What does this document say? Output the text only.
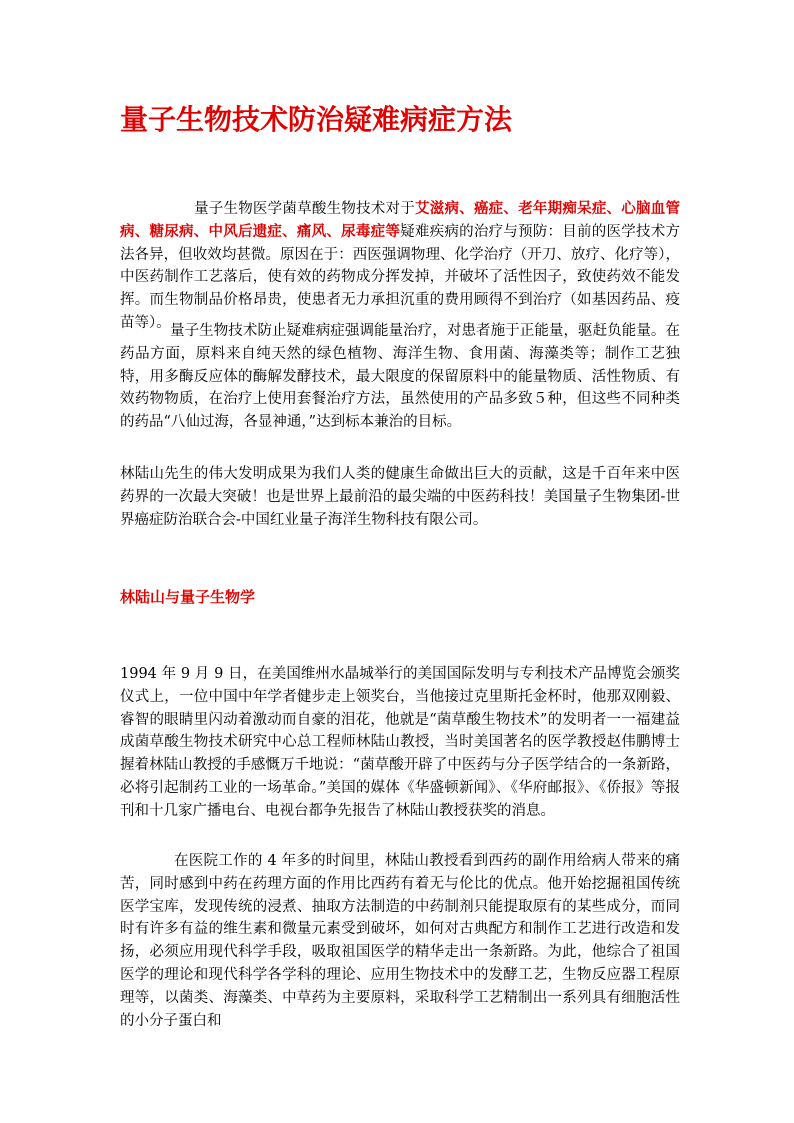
量子生物技术防治疑难病症方法
量子生物医学菌草酸生物技术对于艾滋病、癌症、老年期痴呆症、心脑血管病、糖尿病、中风后遗症、痛风、尿毒症等疑难疾病的治疗与预防：目前的医学技术方法各异，但收效均甚微。原因在于：西医强调物理、化学治疗（开刀、放疗、化疗等），中医药制作工艺落后，使有效的药物成分挥发掉，并破坏了活性因子，致使药效不能发挥。而生物制品价格昂贵，使患者无力承担沉重的费用顾得不到治疗（如基因药品、疫苗等）。
量子生物技术防止疑难病症强调能量治疗，对患者施于正能量，驱赶负能量。在药品方面，原料来自纯天然的绿色植物、海洋生物、食用菌、海藻类等；制作工艺独特，用多酶反应体的酶解发酵技术，最大限度的保留原料中的能量物质、活性物质、有效药物物质，在治疗上使用套餐治疗方法，虽然使用的产品多致５种，但这些不同种类的药品“八仙过海，各显神通，”达到标本兼治的目标。
林陆山先生的伟大发明成果为我们人类的健康生命做出巨大的贡献，这是千百年来中医药界的一次最大突破！也是世界上最前沿的最尖端的中医药科技！美国量子生物集团-世界癌症防治联合会-中国红业量子海洋生物科技有限公司。
林陆山与量子生物学
1994 年 9 月 9 日，在美国维州水晶城举行的美国国际发明与专利技术产品博览会颁奖仪式上，一位中国中年学者健步走上领奖台，当他接过克里斯托金杯时，他那双刚毅、睿智的眼睛里闪动着激动而自豪的泪花，他就是“菌草酸生物技术”的发明者一一福建益成菌草酸生物技术研究中心总工程师林陆山教授，当时美国著名的医学教授赵伟鹏博士握着林陆山教授的手感慨万千地说：“菌草酸开辟了中医药与分子医学结合的一条新路，必将引起制药工业的一场革命。”美国的媒体《华盛顿新闻》、《华府邮报》、《侨报》等报刊和十几家广播电台、电视台都争先报告了林陆山教授获奖的消息。
在医院工作的 4 年多的时间里，林陆山教授看到西药的副作用给病人带来的痛苦，同时感到中药在药理方面的作用比西药有着无与伦比的优点。他开始挖掘祖国传统医学宝库，发现传统的浸煮、抽取方法制造的中药制剂只能提取原有的某些成分，而同时有许多有益的维生素和微量元素受到破坏，如何对古典配方和制作工艺进行改造和发扬，必须应用现代科学手段，吸取祖国医学的精华走出一条新路。为此，他综合了祖国医学的理论和现代科学各学科的理论、应用生物技术中的发酵工艺，生物反应器工程原理等，以菌类、海藻类、中草药为主要原料，采取科学工艺精制出一系列具有细胞活性的小分子蛋白和
